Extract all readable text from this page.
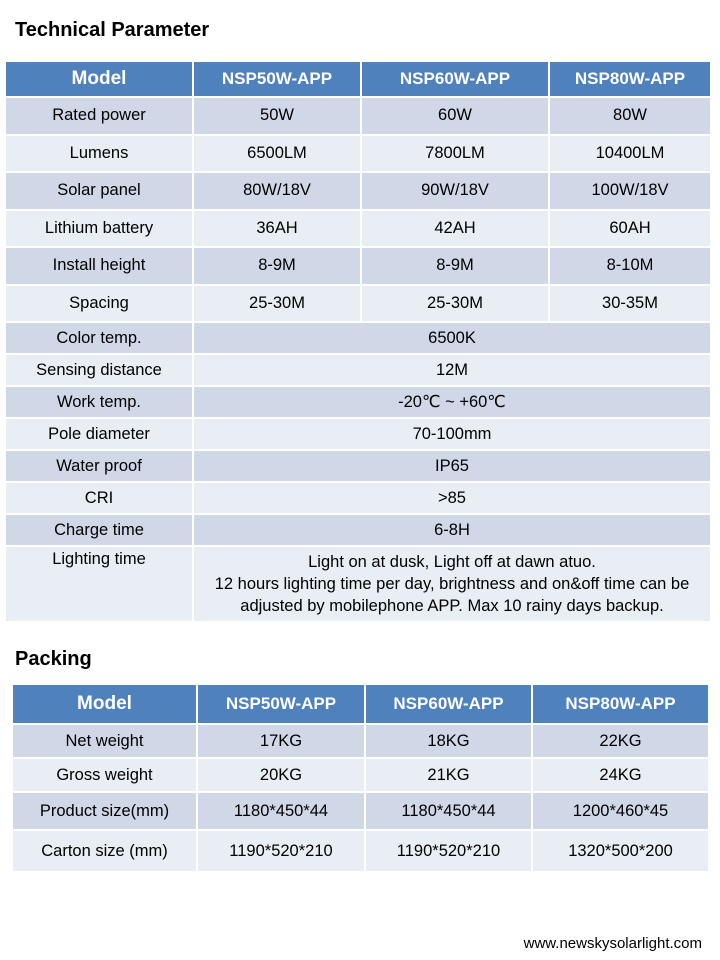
Technical Parameter
Model	NSP50W-APP	NSP60W-APP	NSP80W-APP
Rated power	50W	60W	80W
Lumens	6500LM	7800LM	10400LM
Solar panel	80W/18V	90W/18V	100W/18V
Lithium battery	36AH	42AH	60AH
Install height	8-9M	8-9M	8-10M
Spacing	25-30M	25-30M	30-35M
Color temp.	6500K		
Sensing distance	12M		
Work temp.	-20℃ ~ +60℃		
Pole diameter	70-100mm		
Water proof	IP65		
CRI	>85		
Charge time	6-8H		
Lighting time	Light on at dusk, Light off at dawn atuo.
12 hours lighting time per day, brightness and on&off time can be
adjusted by mobilephone APP. Max 10 rainy days backup.		
Packing
Model	NSP50W-APP	NSP60W-APP	NSP80W-APP
Net weight	17KG	18KG	22KG
Gross weight	20KG	21KG	24KG
Product size(mm)	1180*450*44	1180*450*44	1200*460*45
Carton size (mm)	1190*520*210	1190*520*210	1320*500*200
www.newskysolarlight.com
